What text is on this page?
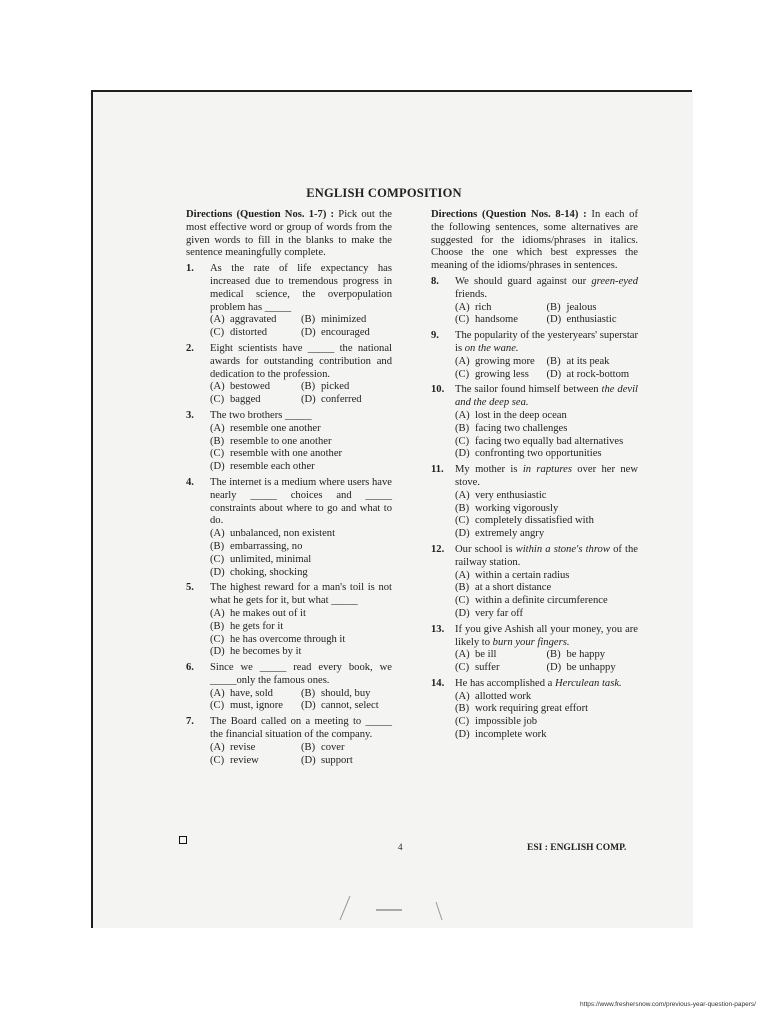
ENGLISH COMPOSITION
Directions (Question Nos. 1-7) : Pick out the most effective word or group of words from the given words to fill in the blanks to make the sentence meaningfully complete.
1.	As the rate of life expectancy has increased due to tremendous progress in medical science, the overpopulation problem has _____
(A) aggravated (B) minimized
(C) distorted	(D) encouraged
2.	Eight scientists have _____ the national awards for outstanding contribution and dedication to the profession.
(A) bestowed	(B) picked
(C) bagged	(D) conferred
3.	The two brothers _____
(A) resemble one another
(B) resemble to one another
(C) resemble with one another
(D) resemble each other
4.	The internet is a medium where users have nearly _____ choices and _____ constraints about where to go and what to do.
(A) unbalanced, non existent
(B) embarrassing, no
(C) unlimited, minimal
(D) choking, shocking
5.	The highest reward for a man's toil is not what he gets for it, but what _____
(A) he makes out of it
(B) he gets for it
(C) he has overcome through it
(D) he becomes by it
6.	Since we _____ read every book, we _____only the famous ones.
(A) have, sold	(B) should, buy
(C) must, ignore (D) cannot, select
7.	The Board called on a meeting to _____ the financial situation of the company.
(A) revise	(B) cover
(C) review	(D) support
Directions (Question Nos. 8-14) : In each of the following sentences, some alternatives are suggested for the idioms/phrases in italics. Choose the one which best expresses the meaning of the idioms/phrases in sentences.
8.	We should guard against our green-eyed friends.
(A) rich	(B) jealous
(C) handsome	(D) enthusiastic
9.	The popularity of the yesteryears' superstar is on the wane.
(A) growing more (B) at its peak
(C) growing less (D) at rock-bottom
10.	The sailor found himself between the devil and the deep sea.
(A) lost in the deep ocean
(B) facing two challenges
(C) facing two equally bad alternatives
(D) confronting two opportunities
11.	My mother is in raptures over her new stove.
(A) very enthusiastic
(B) working vigorously
(C) completely dissatisfied with
(D) extremely angry
12.	Our school is within a stone's throw of the railway station.
(A) within a certain radius
(B) at a short distance
(C) within a definite circumference
(D) very far off
13.	If you give Ashish all your money, you are likely to burn your fingers.
(A) be ill	(B) be happy
(C) suffer	(D) be unhappy
14.	He has accomplished a Herculean task.
(A) allotted work
(B) work requiring great effort
(C) impossible job
(D) incomplete work
4	ESI : ENGLISH COMP.
https://www.freshersnow.com/previous-year-question-papers/
